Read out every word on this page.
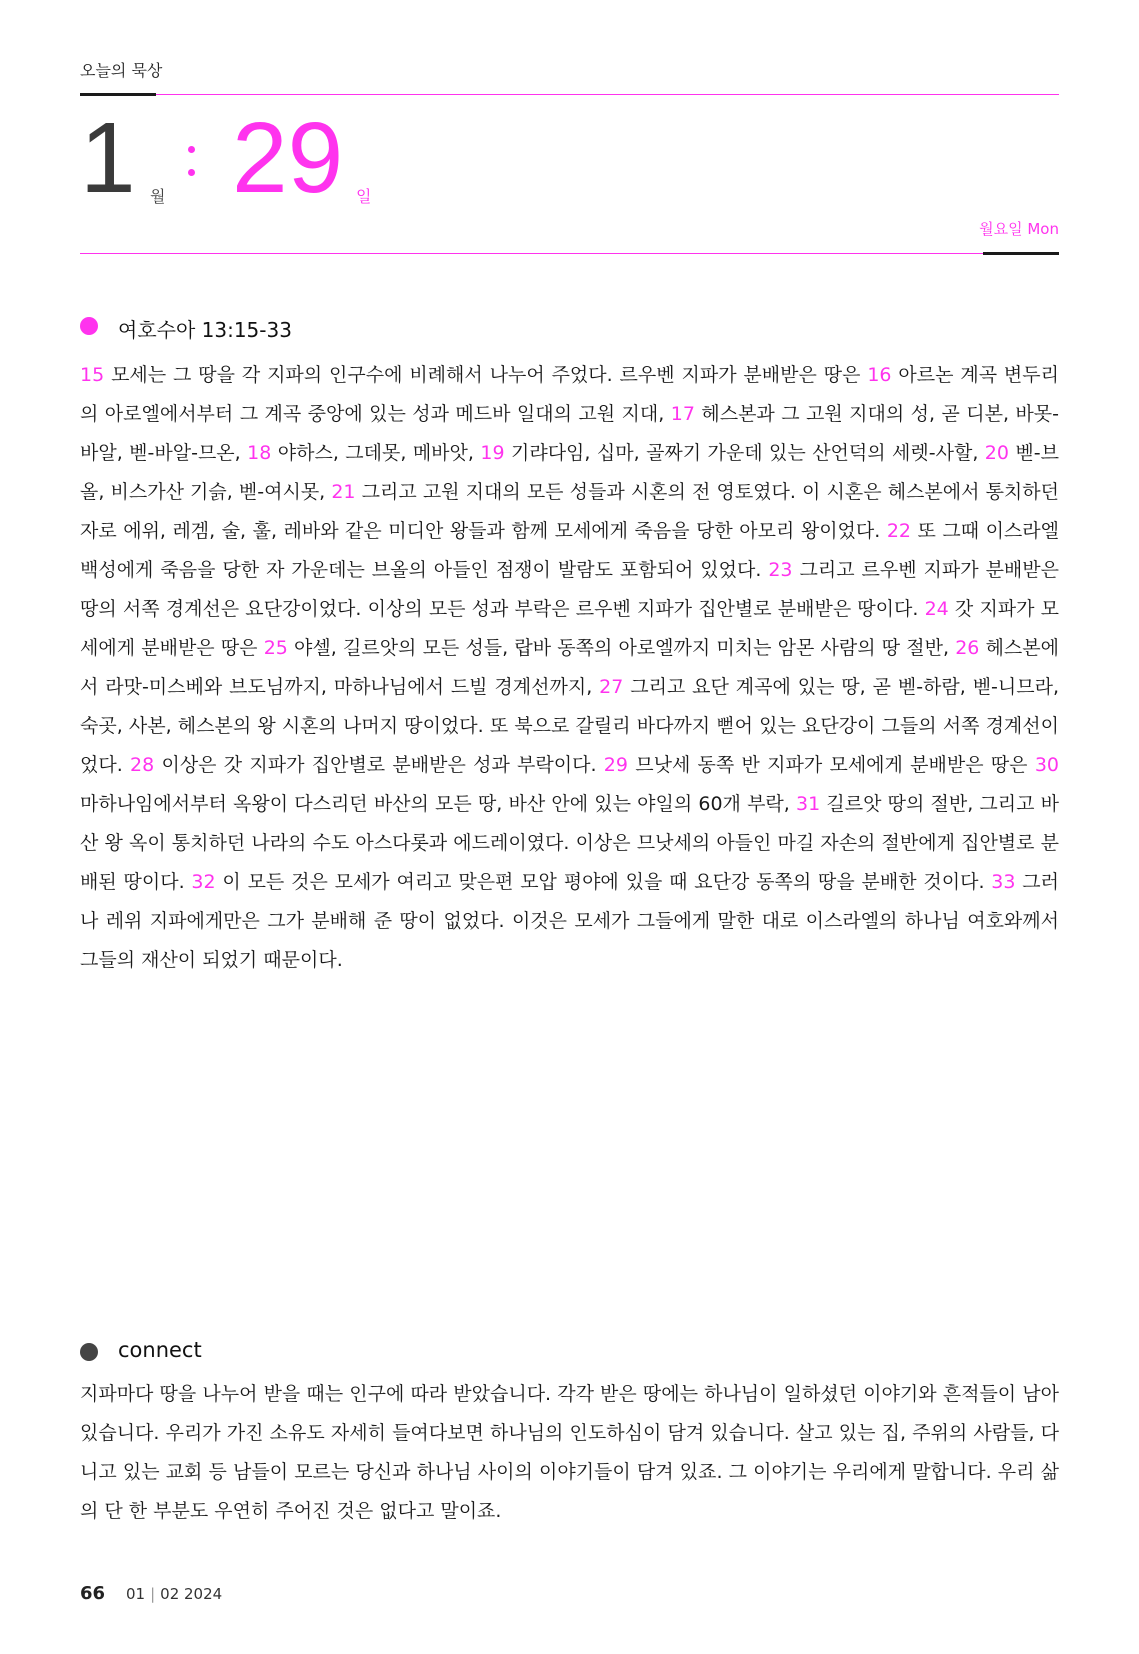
오늘의 묵상
1 월 29 일
월요일 Mon
여호수아 13:15-33
15 모세는 그 땅을 각 지파의 인구수에 비례해서 나누어 주었다. 르우벤 지파가 분배받은 땅은 16 아르논 계곡 변두리의 아로엘에서부터 그 계곡 중앙에 있는 성과 메드바 일대의 고원 지대, 17 헤스본과 그 고원 지대의 성, 곧 디본, 바못-바알, 벧-바알-므온, 18 야하스, 그데못, 메바앗, 19 기랴다임, 십마, 골짜기 가운데 있는 산언덕의 세렛-사할, 20 벧-브올, 비스가산 기슭, 벧-여시못, 21 그리고 고원 지대의 모든 성들과 시혼의 전 영토였다. 이 시혼은 헤스본에서 통치하던 자로 에위, 레겜, 술, 훌, 레바와 같은 미디안 왕들과 함께 모세에게 죽음을 당한 아모리 왕이었다. 22 또 그때 이스라엘 백성에게 죽음을 당한 자 가운데는 브올의 아들인 점쟁이 발람도 포함되어 있었다. 23 그리고 르우벤 지파가 분배받은 땅의 서쪽 경계선은 요단강이었다. 이상의 모든 성과 부락은 르우벤 지파가 집안별로 분배받은 땅이다. 24 갓 지파가 모세에게 분배받은 땅은 25 야셀, 길르앗의 모든 성들, 랍바 동쪽의 아로엘까지 미치는 암몬 사람의 땅 절반, 26 헤스본에서 라맛-미스베와 브도님까지, 마하나님에서 드빌 경계선까지, 27 그리고 요단 계곡에 있는 땅, 곧 벧-하람, 벧-니므라, 숙곳, 사본, 헤스본의 왕 시혼의 나머지 땅이었다. 또 북으로 갈릴리 바다까지 뻗어 있는 요단강이 그들의 서쪽 경계선이었다. 28 이상은 갓 지파가 집안별로 분배받은 성과 부락이다. 29 므낫세 동쪽 반 지파가 모세에게 분배받은 땅은 30 마하나임에서부터 옥왕이 다스리던 바산의 모든 땅, 바산 안에 있는 야일의 60개 부락, 31 길르앗 땅의 절반, 그리고 바산 왕 옥이 통치하던 나라의 수도 아스다롯과 에드레이였다. 이상은 므낫세의 아들인 마길 자손의 절반에게 집안별로 분배된 땅이다. 32 이 모든 것은 모세가 여리고 맞은편 모압 평야에 있을 때 요단강 동쪽의 땅을 분배한 것이다. 33 그러나 레위 지파에게만은 그가 분배해 준 땅이 없었다. 이것은 모세가 그들에게 말한 대로 이스라엘의 하나님 여호와께서 그들의 재산이 되었기 때문이다.
connect
지파마다 땅을 나누어 받을 때는 인구에 따라 받았습니다. 각각 받은 땅에는 하나님이 일하셨던 이야기와 흔적들이 남아 있습니다. 우리가 가진 소유도 자세히 들여다보면 하나님의 인도하심이 담겨 있습니다. 살고 있는 집, 주위의 사람들, 다니고 있는 교회 등 남들이 모르는 당신과 하나님 사이의 이야기들이 담겨 있죠. 그 이야기는 우리에게 말합니다. 우리 삶의 단 한 부분도 우연히 주어진 것은 없다고 말이죠.
66 01 | 02 2024
